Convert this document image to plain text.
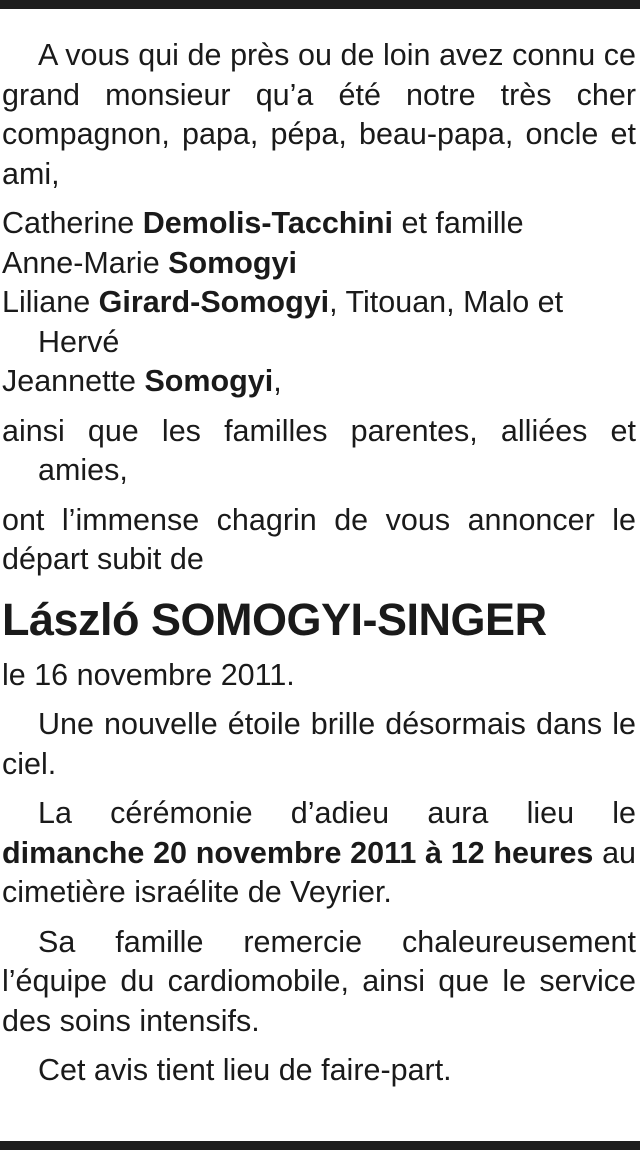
A vous qui de près ou de loin avez connu ce grand monsieur qu’a été notre très cher compagnon, papa, pépa, beau-papa, oncle et ami,

Catherine Demolis-Tacchini et famille

Anne-Marie Somogyi

Liliane Girard-Somogyi, Titouan, Malo et Hervé

Jeannette Somogyi,

ainsi que les familles parentes, alliées et amies,

ont l’immense chagrin de vous annoncer le départ subit de

László SOMOGYI-SINGER

le 16 novembre 2011.

Une nouvelle étoile brille désormais dans le ciel.

La cérémonie d’adieu aura lieu le dimanche 20 novembre 2011 à 12 heures au cimetière israélite de Veyrier.

Sa famille remercie chaleureusement l’équipe du cardiomobile, ainsi que le service des soins intensifs.

Cet avis tient lieu de faire-part.
